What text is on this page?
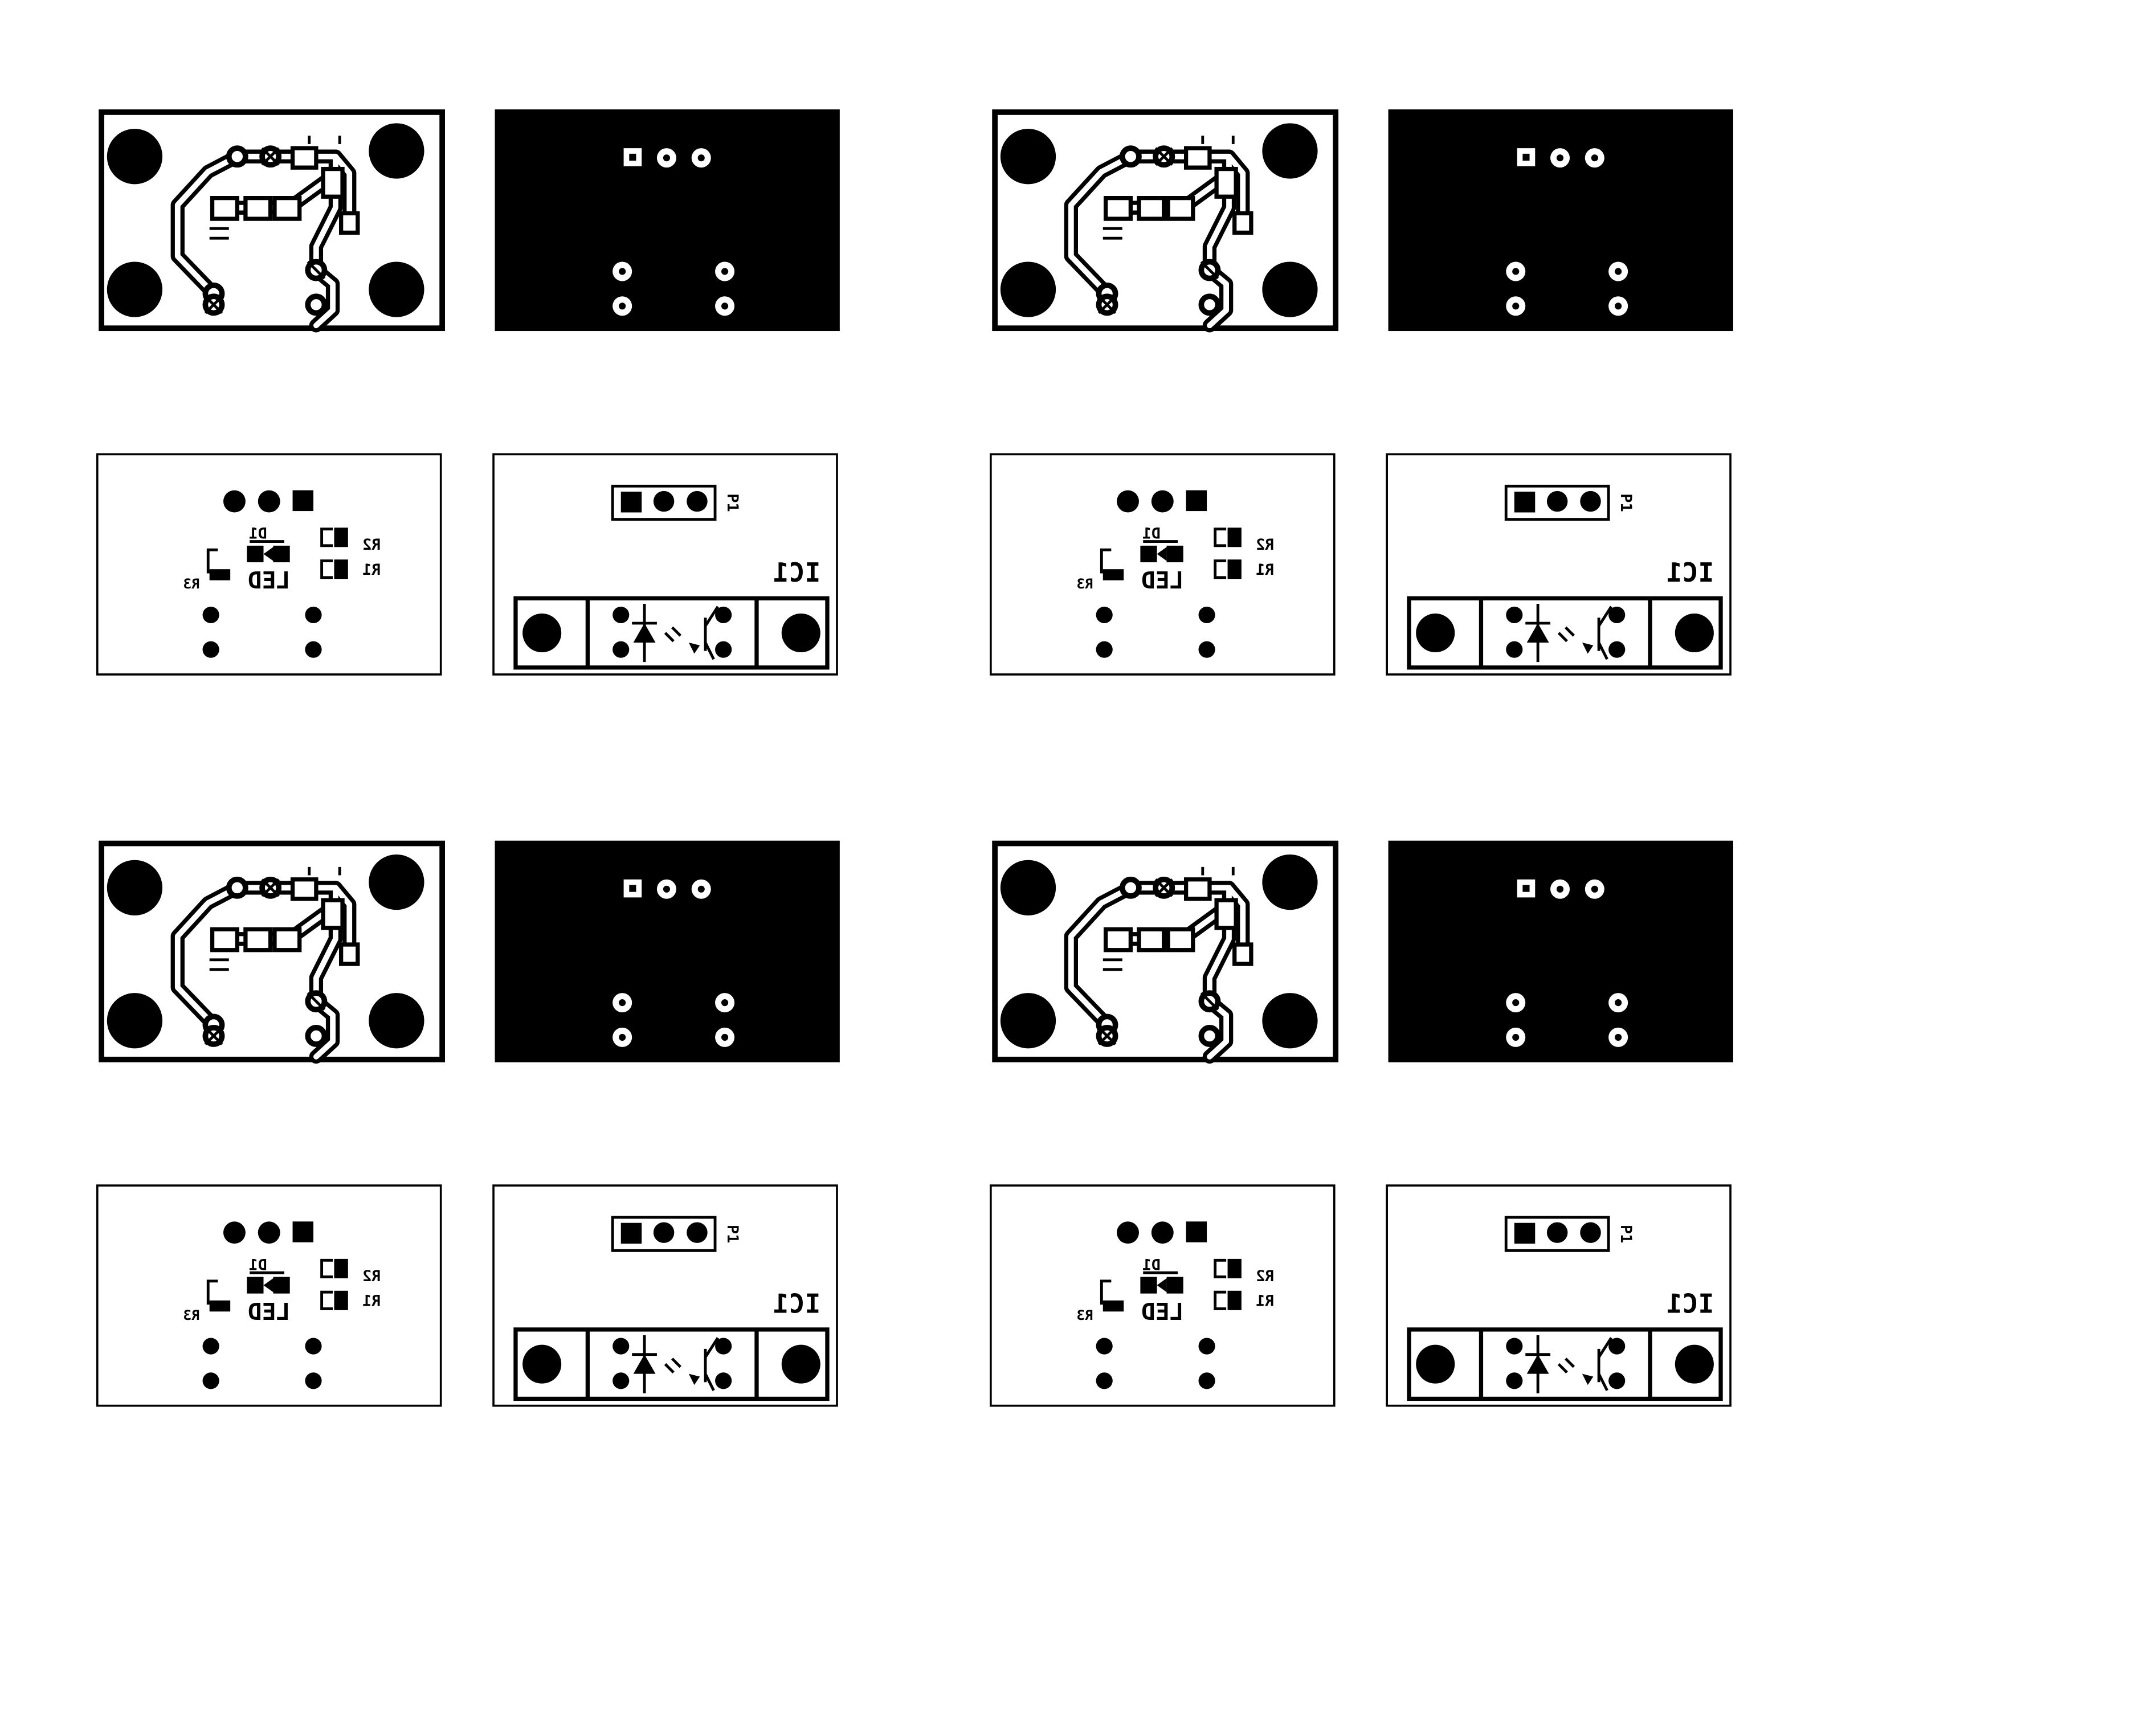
D1
LED
R2
R1
R3
P1
IC1
D1
LED
R2
R1
R3
P1
IC1
D1
LED
R2
R1
R3
P1
IC1
D1
LED
R2
R1
R3
P1
IC1
